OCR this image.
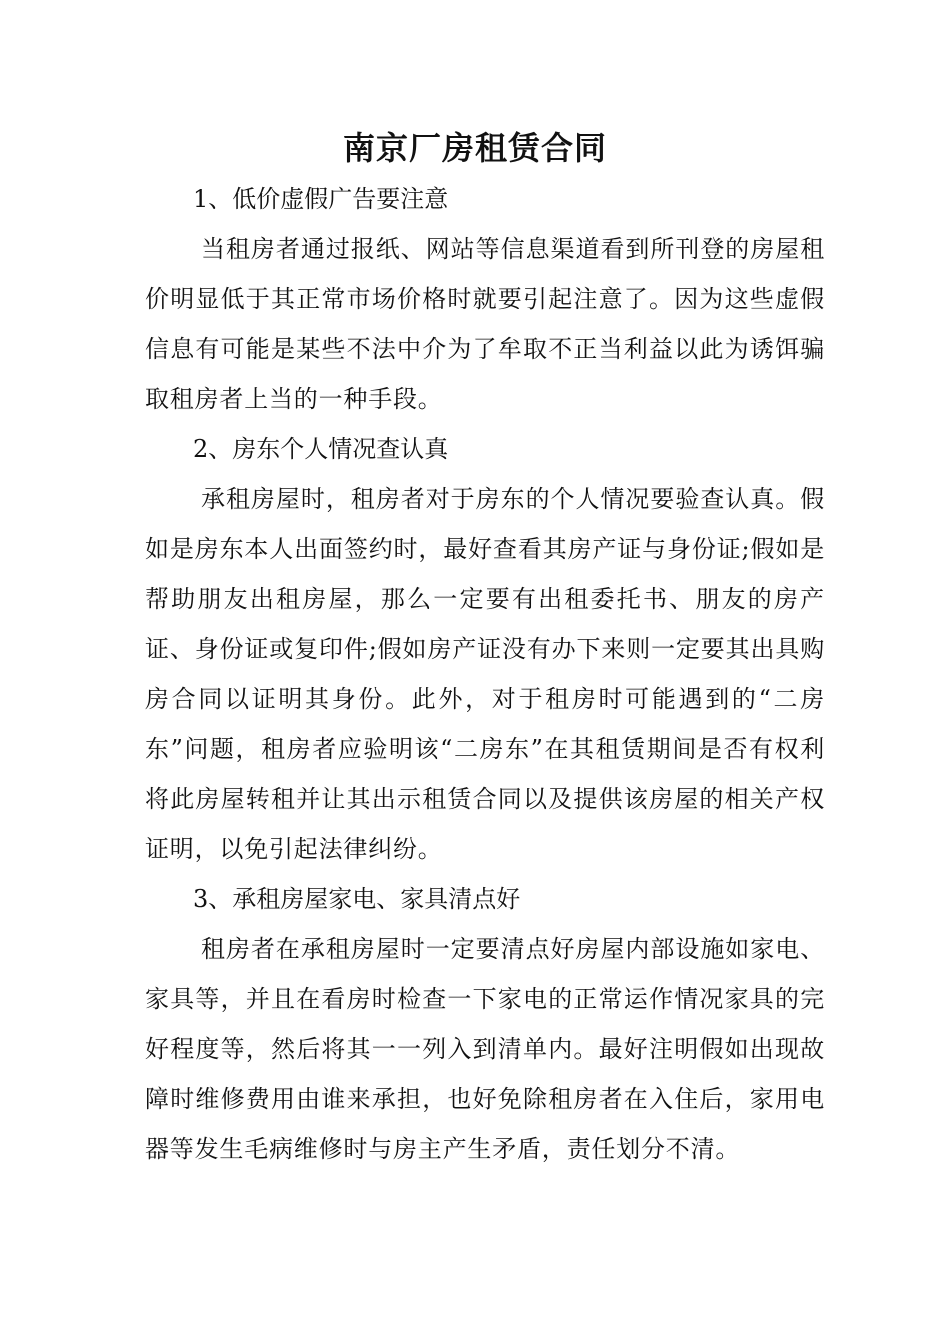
南京厂房租赁合同
1、低价虚假广告要注意

当租房者通过报纸、网站等信息渠道看到所刊登的房屋租价明显低于其正常市场价格时就要引起注意了。因为这些虚假信息有可能是某些不法中介为了牟取不正当利益以此为诱饵骗取租房者上当的一种手段。

2、房东个人情况查认真

承租房屋时，租房者对于房东的个人情况要验查认真。假如是房东本人出面签约时，最好查看其房产证与身份证;假如是帮助朋友出租房屋，那么一定要有出租委托书、朋友的房产证、身份证或复印件;假如房产证没有办下来则一定要其出具购房合同以证明其身份。此外，对于租房时可能遇到的“二房东”问题，租房者应验明该“二房东”在其租赁期间是否有权利将此房屋转租并让其出示租赁合同以及提供该房屋的相关产权证明，以免引起法律纠纷。

3、承租房屋家电、家具清点好

租房者在承租房屋时一定要清点好房屋内部设施如家电、家具等，并且在看房时检查一下家电的正常运作情况家具的完好程度等，然后将其一一列入到清单内。最好注明假如出现故障时维修费用由谁来承担，也好免除租房者在入住后，家用电器等发生毛病维修时与房主产生矛盾，责任划分不清。
